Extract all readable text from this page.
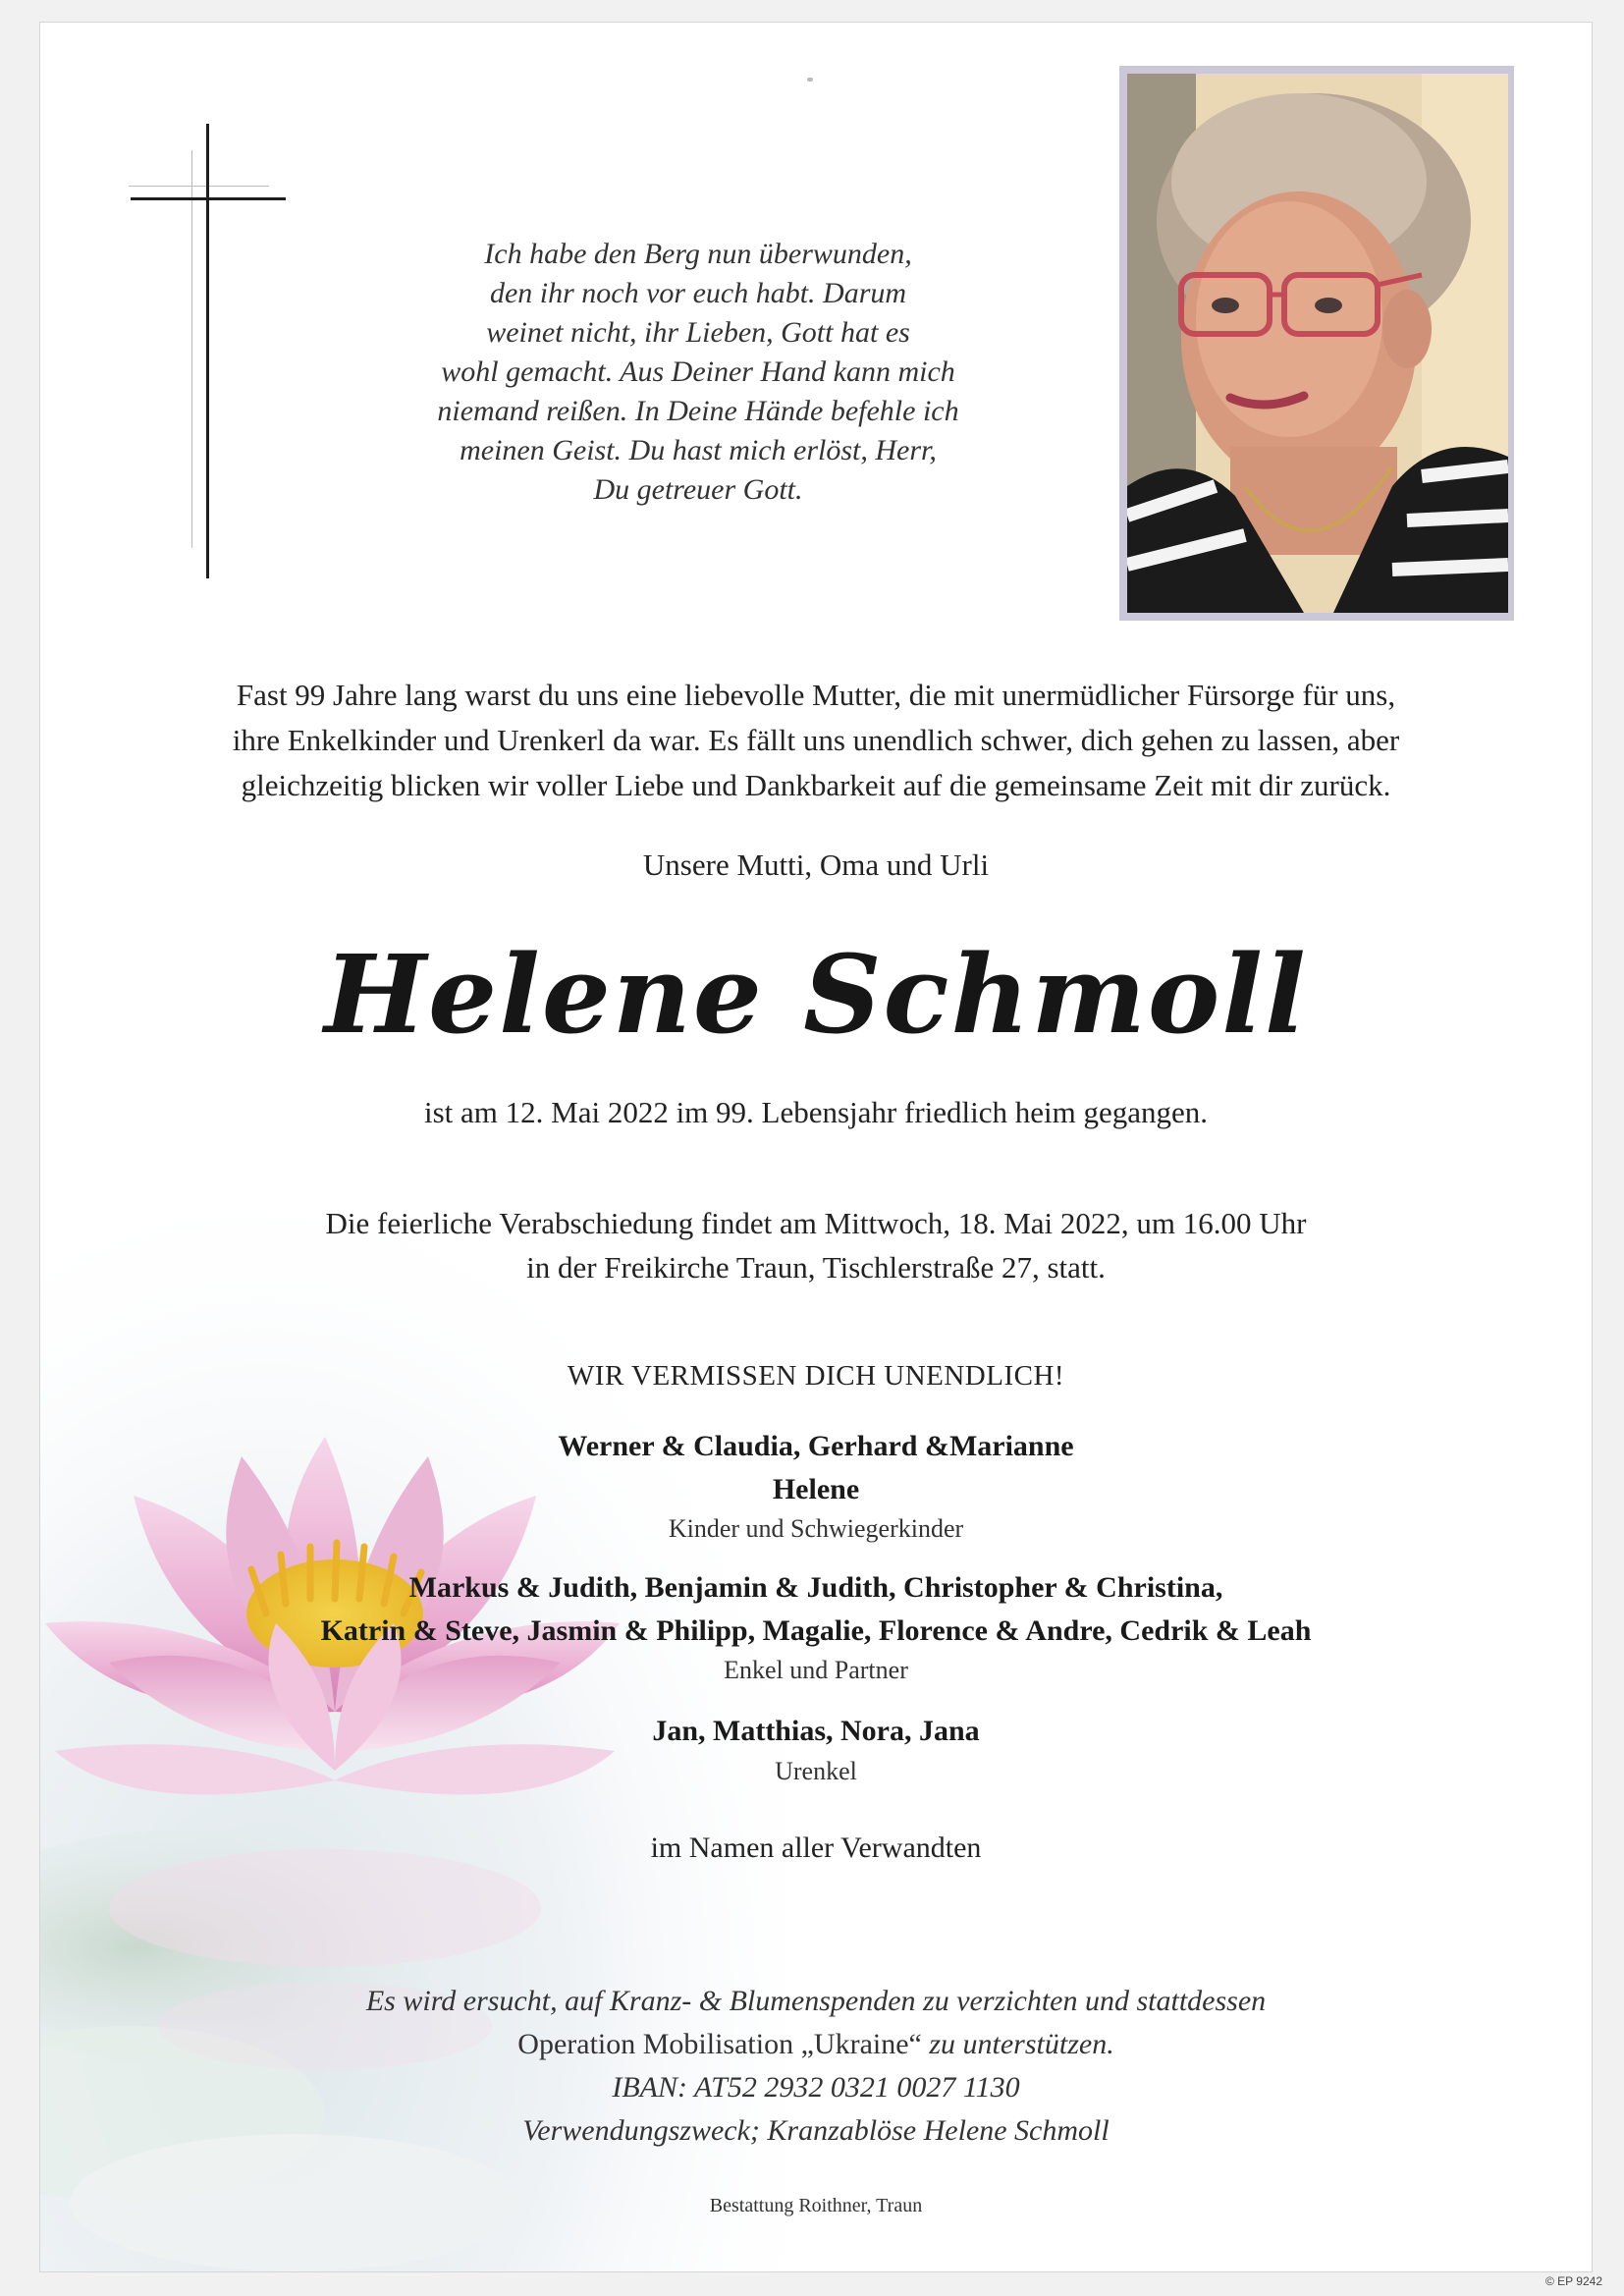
Ich habe den Berg nun überwunden,
den ihr noch vor euch habt. Darum
weinet nicht, ihr Lieben, Gott hat es
wohl gemacht. Aus Deiner Hand kann mich
niemand reißen. In Deine Hände befehle ich
meinen Geist. Du hast mich erlöst, Herr,
Du getreuer Gott.
Fast 99 Jahre lang warst du uns eine liebevolle Mutter, die mit unermüdlicher Fürsorge für uns,
ihre Enkelkinder und Urenkerl da war. Es fällt uns unendlich schwer, dich gehen zu lassen, aber
gleichzeitig blicken wir voller Liebe und Dankbarkeit auf die gemeinsame Zeit mit dir zurück.
Unsere Mutti, Oma und Urli
Helene Schmoll
ist am 12. Mai 2022 im 99. Lebensjahr friedlich heim gegangen.
Die feierliche Verabschiedung findet am Mittwoch, 18. Mai 2022, um 16.00 Uhr
in der Freikirche Traun, Tischlerstraße 27, statt.
WIR VERMISSEN DICH UNENDLICH!
Werner & Claudia, Gerhard &Marianne
Helene
Kinder und Schwiegerkinder
Markus & Judith, Benjamin & Judith, Christopher & Christina,
Katrin & Steve, Jasmin & Philipp, Magalie, Florence & Andre, Cedrik & Leah
Enkel und Partner
Jan, Matthias, Nora, Jana
Urenkel
im Namen aller Verwandten
Es wird ersucht, auf Kranz- & Blumenspenden zu verzichten und stattdessen
Operation Mobilisation „Ukraine“ zu unterstützen.
IBAN: AT52 2932 0321 0027 1130
Verwendungszweck; Kranzablöse Helene Schmoll
Bestattung Roithner, Traun
© EP 9242
